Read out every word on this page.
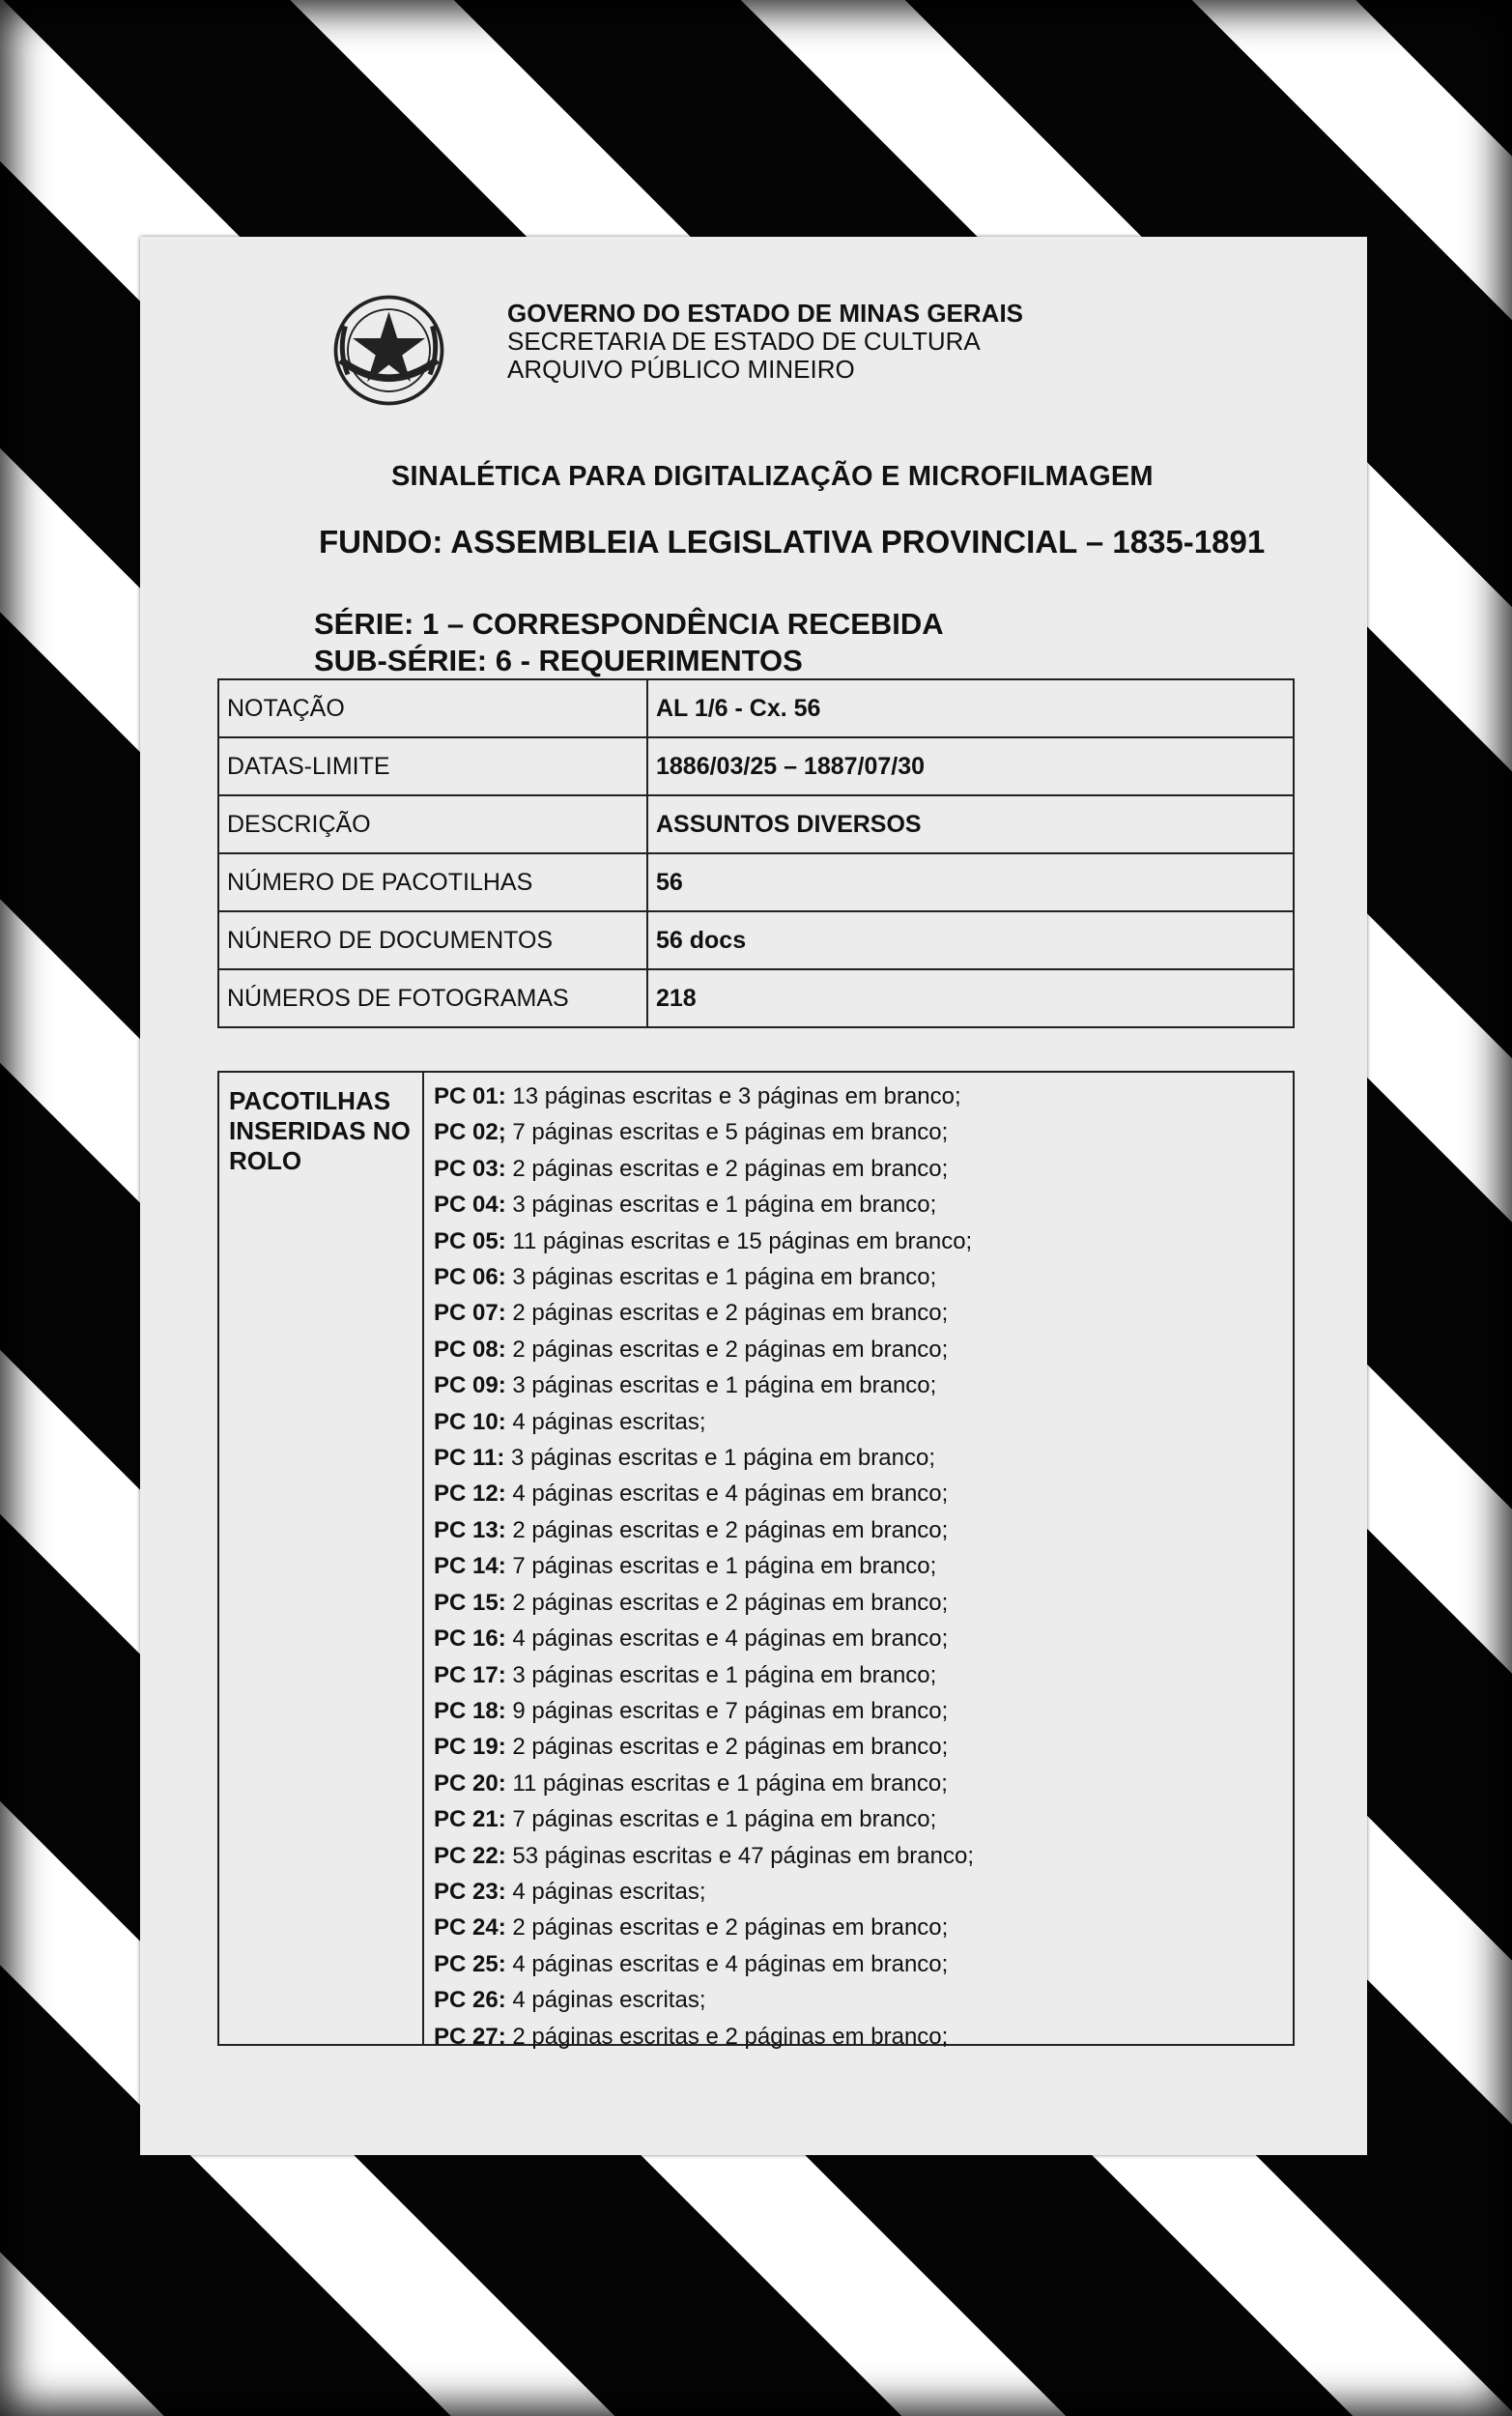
GOVERNO DO ESTADO DE MINAS GERAIS
SECRETARIA DE ESTADO DE CULTURA
ARQUIVO PÚBLICO MINEIRO
SINALÉTICA PARA DIGITALIZAÇÃO E MICROFILMAGEM
FUNDO: ASSEMBLEIA LEGISLATIVA PROVINCIAL – 1835-1891
SÉRIE: 1 – CORRESPONDÊNCIA RECEBIDA
SUB-SÉRIE: 6 - REQUERIMENTOS
NOTAÇÃO	AL 1/6 - Cx. 56
DATAS-LIMITE	1886/03/25 – 1887/07/30
DESCRIÇÃO	ASSUNTOS DIVERSOS
NÚMERO DE PACOTILHAS	56
NÚNERO DE DOCUMENTOS	56 docs
NÚMEROS DE FOTOGRAMAS	218
PACOTILHAS INSERIDAS NO ROLO
PC 01: 13 páginas escritas e 3 páginas em branco;
PC 02; 7 páginas escritas e 5 páginas em branco;
PC 03: 2 páginas escritas e 2 páginas em branco;
PC 04: 3 páginas escritas e 1 página em branco;
PC 05: 11 páginas escritas e 15 páginas em branco;
PC 06: 3 páginas escritas e 1 página em branco;
PC 07: 2 páginas escritas e 2 páginas em branco;
PC 08: 2 páginas escritas e 2 páginas em branco;
PC 09: 3 páginas escritas e 1 página em branco;
PC 10: 4 páginas escritas;
PC 11: 3 páginas escritas e 1 página em branco;
PC 12: 4 páginas escritas e 4 páginas em branco;
PC 13: 2 páginas escritas e 2 páginas em branco;
PC 14: 7 páginas escritas e 1 página em branco;
PC 15: 2 páginas escritas e 2 páginas em branco;
PC 16: 4 páginas escritas e 4 páginas em branco;
PC 17: 3 páginas escritas e 1 página em branco;
PC 18: 9 páginas escritas e 7 páginas em branco;
PC 19: 2 páginas escritas e 2 páginas em branco;
PC 20: 11 páginas escritas e 1 página em branco;
PC 21: 7 páginas escritas e 1 página em branco;
PC 22: 53 páginas escritas e 47 páginas em branco;
PC 23: 4 páginas escritas;
PC 24: 2 páginas escritas e 2 páginas em branco;
PC 25: 4 páginas escritas e 4 páginas em branco;
PC 26: 4 páginas escritas;
PC 27: 2 páginas escritas e 2 páginas em branco;
